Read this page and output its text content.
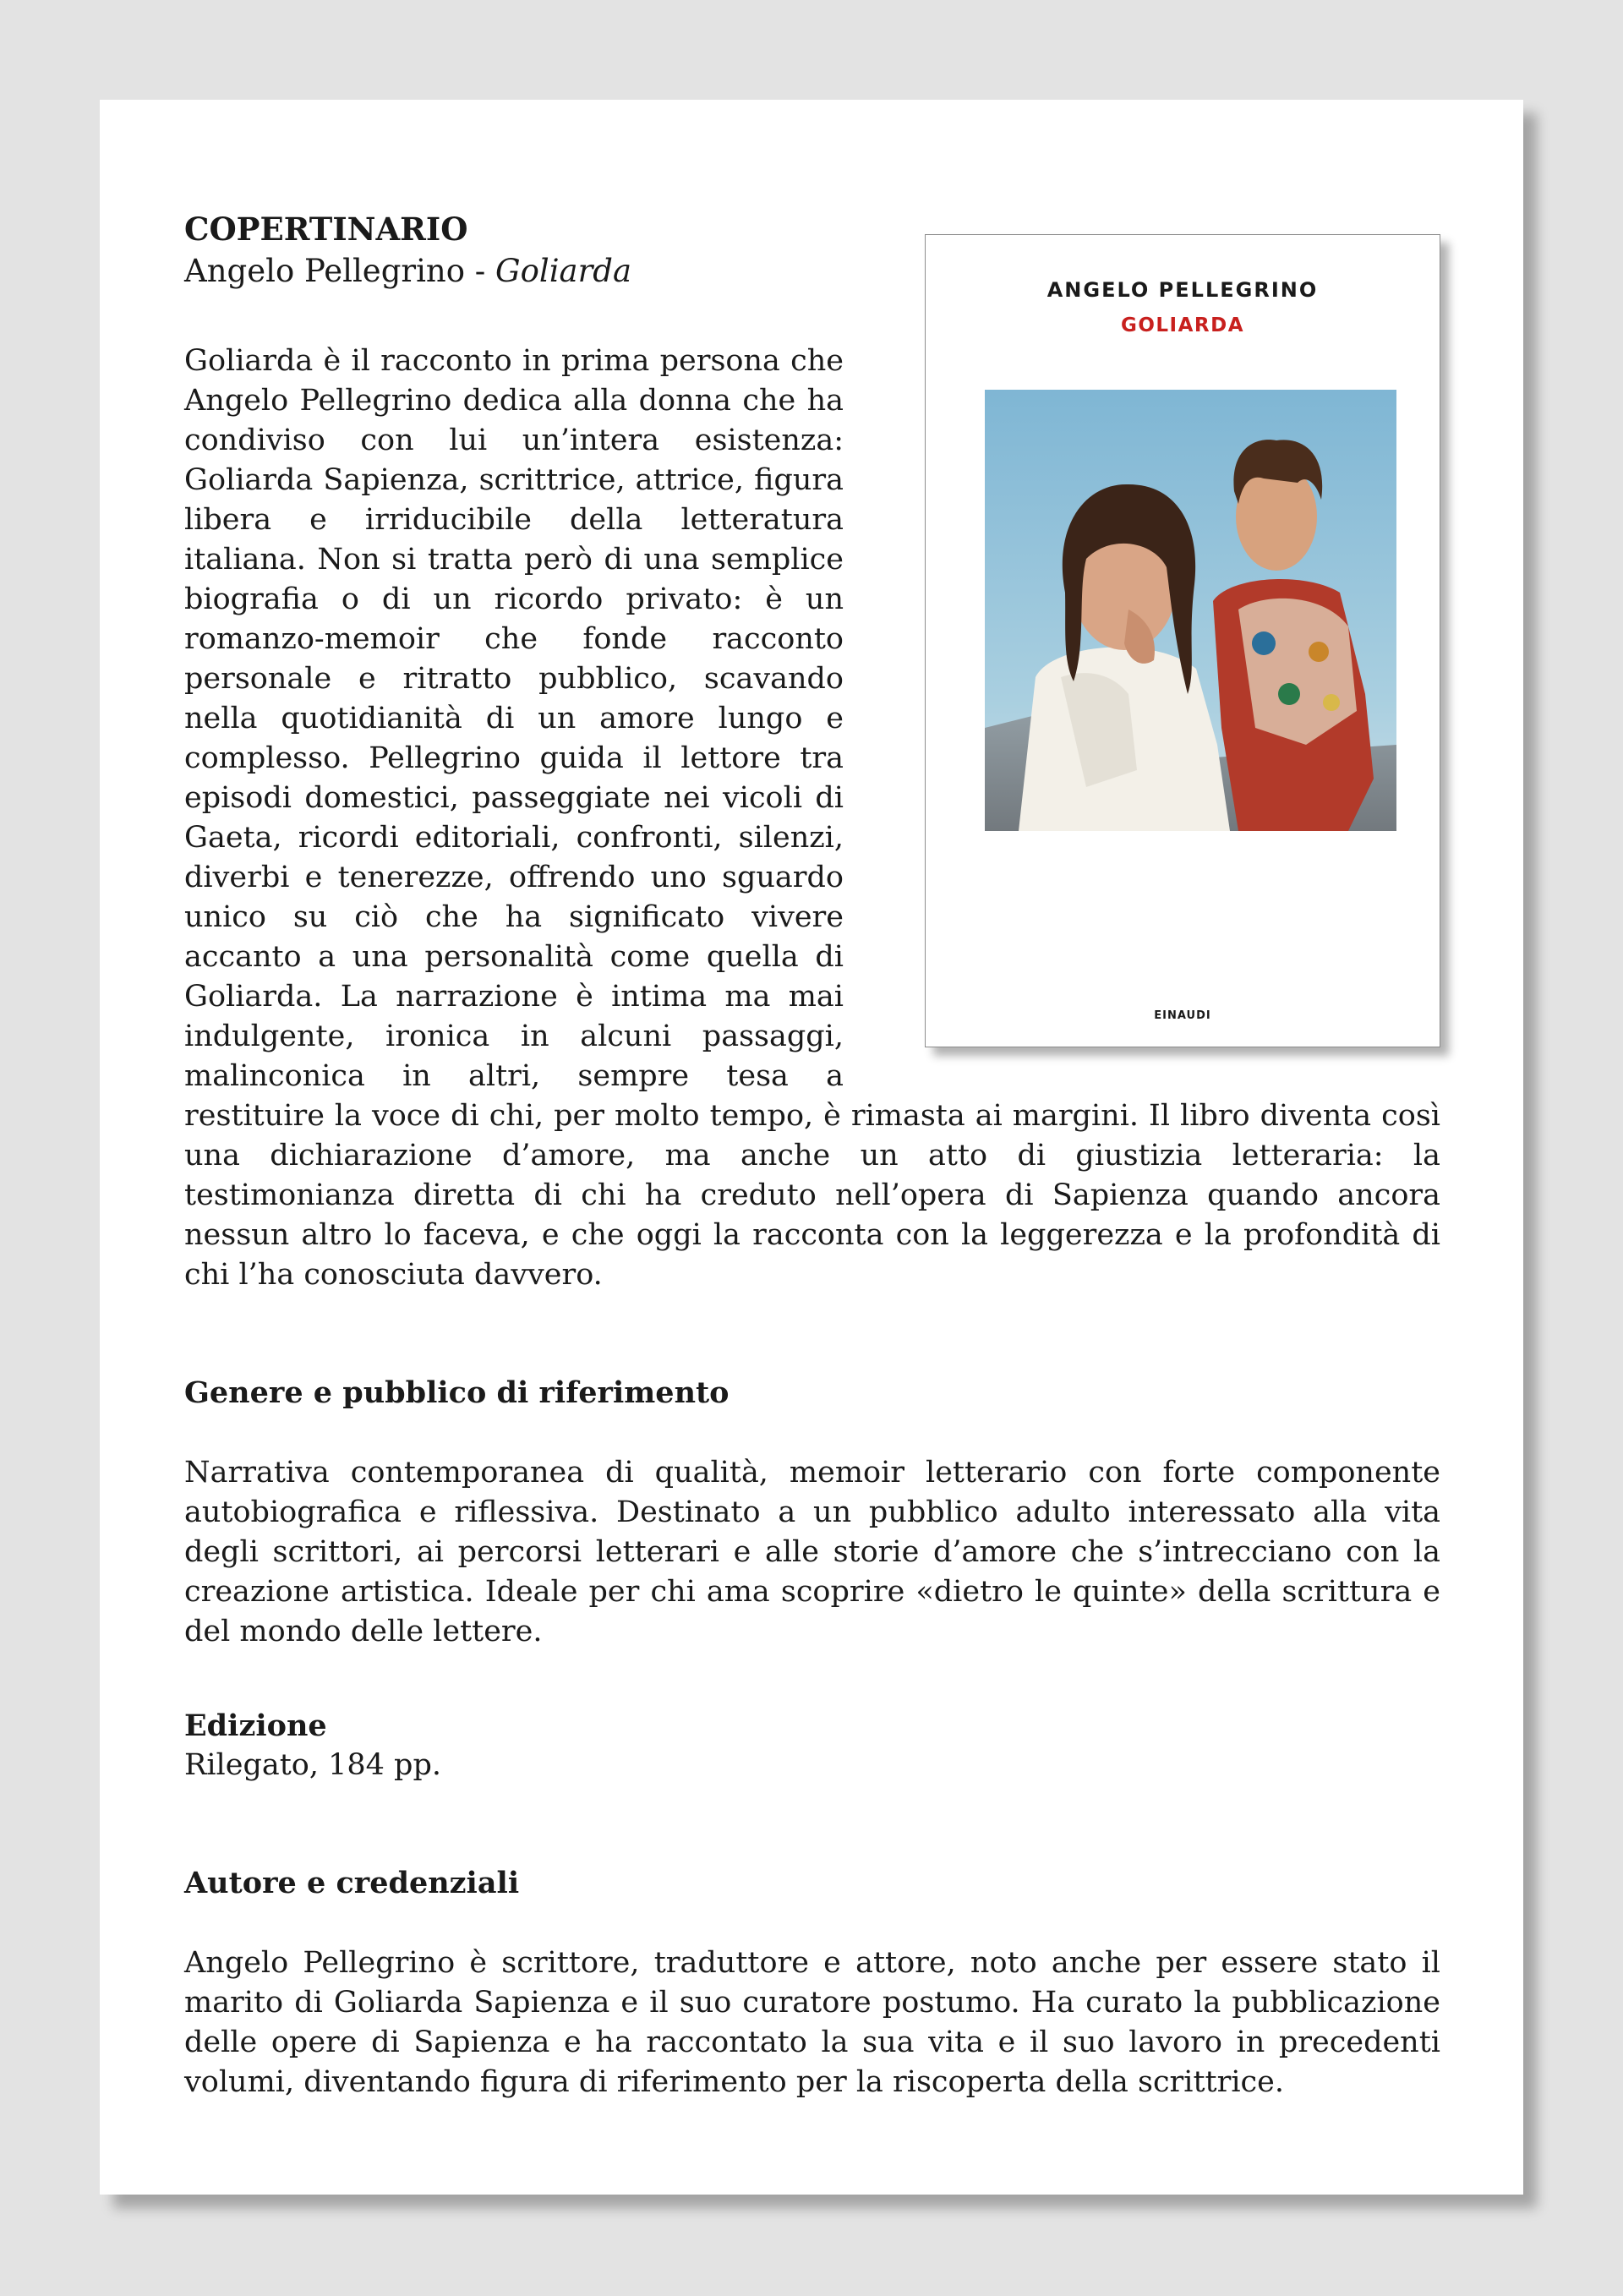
COPERTINARIO

Angelo Pellegrino - Goliarda

ANGELO PELLEGRINO
GOLIARDA
EINAUDI

Goliarda è il racconto in prima persona che Angelo Pellegrino dedica alla donna che ha condiviso con lui un’intera esistenza: Goliarda Sapienza, scrittrice, attrice, figura libera e irriducibile della letteratura italiana. Non si tratta però di una semplice biografia o di un ricordo privato: è un romanzo-memoir che fonde racconto personale e ritratto pubblico, scavando nella quotidianità di un amore lungo e complesso. Pellegrino guida il lettore tra episodi domestici, passeggiate nei vicoli di Gaeta, ricordi editoriali, confronti, silenzi, diverbi e tenerezze, offrendo uno sguardo unico su ciò che ha significato vivere accanto a una personalità come quella di Goliarda. La narrazione è intima ma mai indulgente, ironica in alcuni passaggi, malinconica in altri, sempre tesa a restituire la voce di chi, per molto tempo, è rimasta ai margini. Il libro diventa così una dichiarazione d’amore, ma anche un atto di giustizia letteraria: la testimonianza diretta di chi ha creduto nell’opera di Sapienza quando ancora nessun altro lo faceva, e che oggi la racconta con la leggerezza e la profondità di chi l’ha conosciuta davvero.

Genere e pubblico di riferimento

Narrativa contemporanea di qualità, memoir letterario con forte componente autobiografica e riflessiva. Destinato a un pubblico adulto interessato alla vita degli scrittori, ai percorsi letterari e alle storie d’amore che s’intrecciano con la creazione artistica. Ideale per chi ama scoprire «dietro le quinte» della scrittura e del mondo delle lettere.

Edizione

Rilegato, 184 pp.

Autore e credenziali

Angelo Pellegrino è scrittore, traduttore e attore, noto anche per essere stato il marito di Goliarda Sapienza e il suo curatore postumo. Ha curato la pubblicazione delle opere di Sapienza e ha raccontato la sua vita e il suo lavoro in precedenti volumi, diventando figura di riferimento per la riscoperta della scrittrice.
